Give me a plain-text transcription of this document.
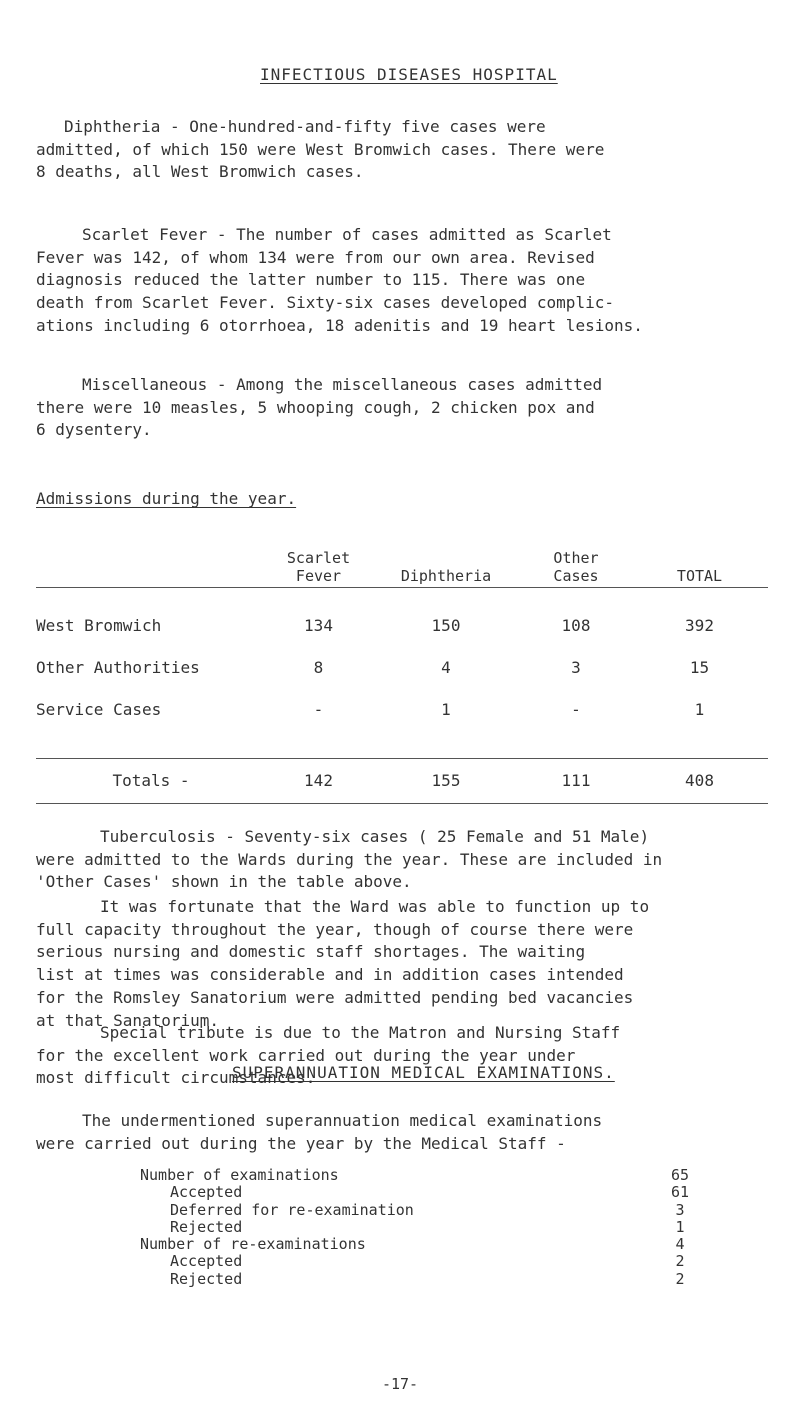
INFECTIOUS DISEASES HOSPITAL

Diphtheria - One-hundred-and-fifty five cases were
admitted, of which 150 were West Bromwich cases. There were
8 deaths, all West Bromwich cases.

Scarlet Fever - The number of cases admitted as Scarlet
Fever was 142, of whom 134 were from our own area. Revised
diagnosis reduced the latter number to 115. There was one
death from Scarlet Fever. Sixty-six cases developed complic-
ations including 6 otorrhoea, 18 adenitis and 19 heart lesions.

Miscellaneous - Among the miscellaneous cases admitted
there were 10 measles, 5 whooping cough, 2 chicken pox and
6 dysentery.

Admissions during the year.
	Scarlet		Other	
	Fever	Diphtheria	Cases	TOTAL
West Bromwich	134	150	108	392
Other Authorities	8	4	3	15
Service Cases	-	1	-	1

Totals -	142	155	111	408

Tuberculosis - Seventy-six cases ( 25 Female and 51 Male)
were admitted to the Wards during the year. These are included in
'Other Cases' shown in the table above.

It was fortunate that the Ward was able to function up to
full capacity throughout the year, though of course there were
serious nursing and domestic staff shortages. The waiting
list at times was considerable and in addition cases intended
for the Romsley Sanatorium were admitted pending bed vacancies
at that Sanatorium.

Special tribute is due to the Matron and Nursing Staff
for the excellent work carried out during the year under
most difficult circumstances.

SUPERANNUATION MEDICAL EXAMINATIONS.

The undermentioned superannuation medical examinations
were carried out during the year by the Medical Staff -

Number of examinations	65
Accepted	61
Deferred for re-examination	3
Rejected	1
Number of re-examinations	4
Accepted	2
Rejected	2
-17-
